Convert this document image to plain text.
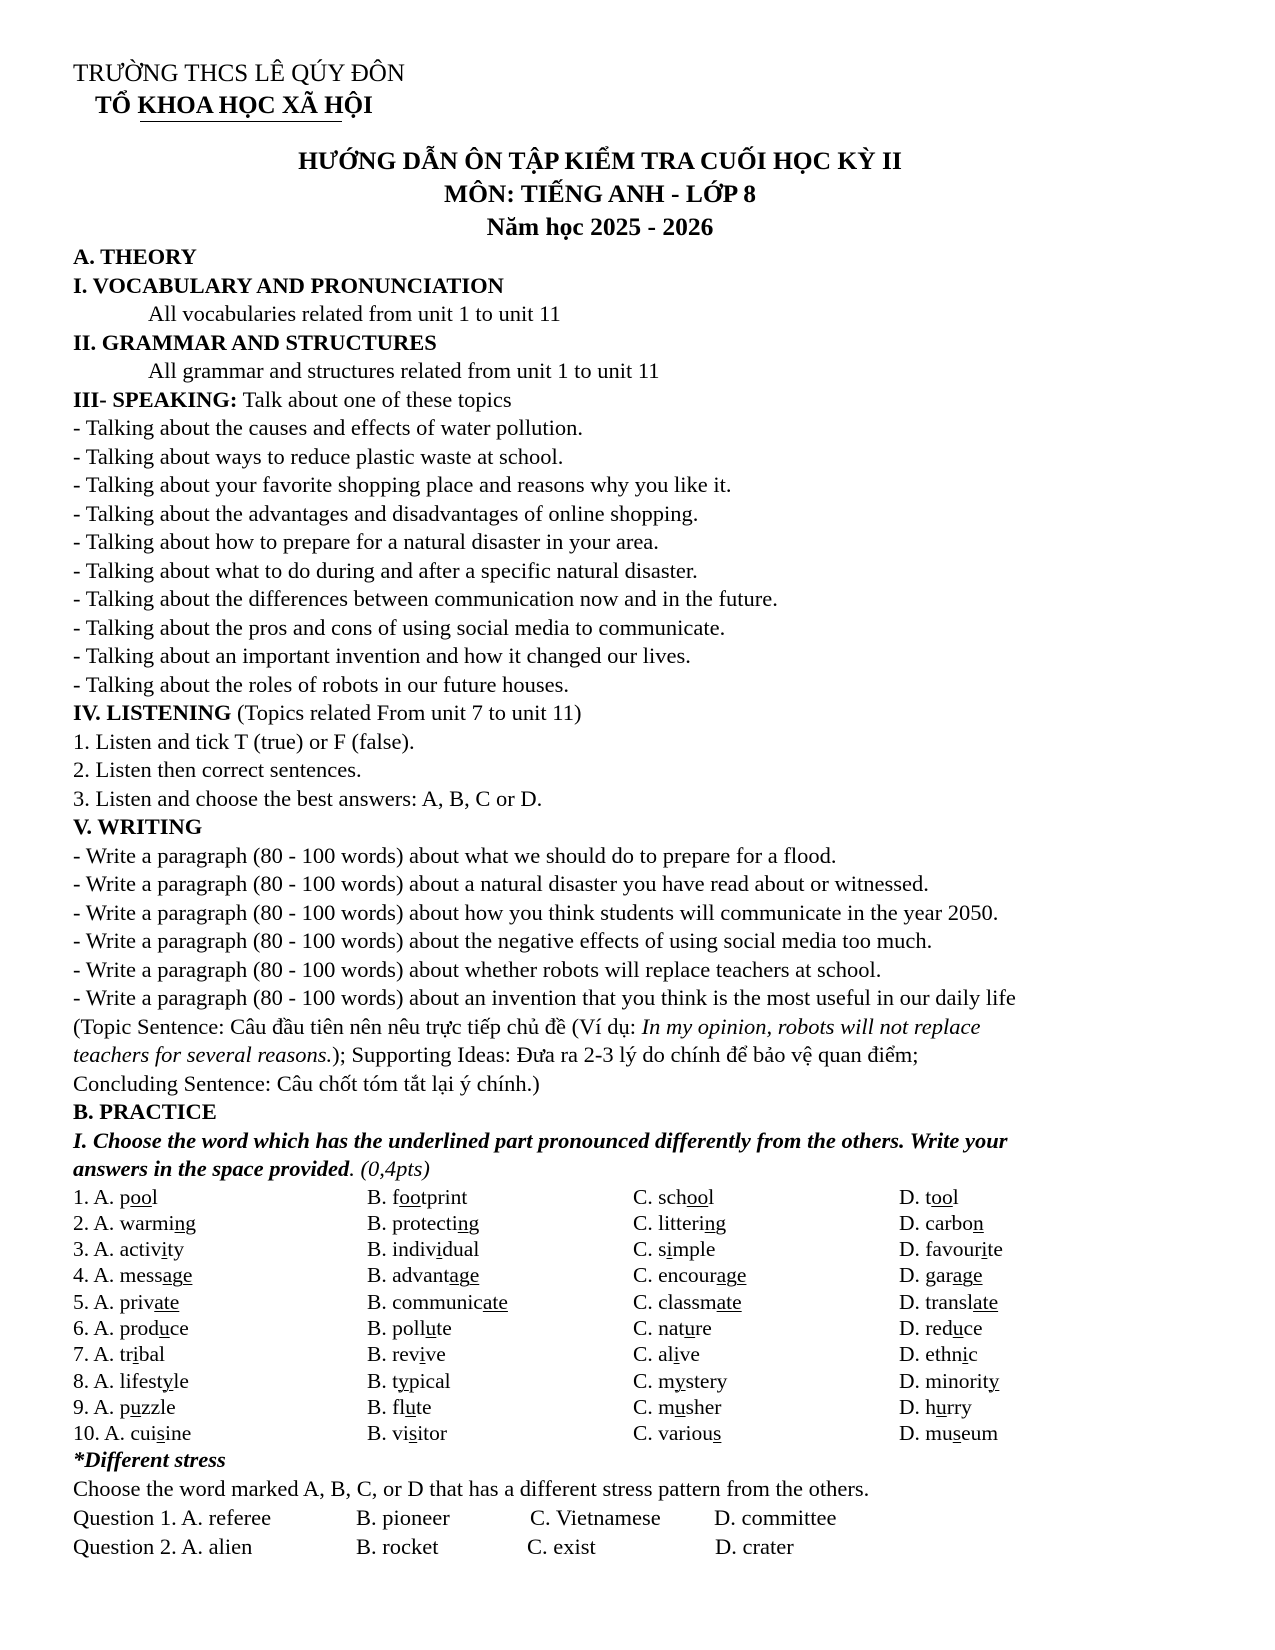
TRƯỜNG THCS LÊ QÚY ĐÔN
TỔ KHOA HỌC XÃ HỘI
HƯỚNG DẪN ÔN TẬP KIỂM TRA CUỐI HỌC KỲ II
MÔN: TIẾNG ANH - LỚP 8
Năm học 2025 - 2026
A. THEORY
I. VOCABULARY AND PRONUNCIATION
All vocabularies related from unit 1 to unit 11
II. GRAMMAR AND STRUCTURES
All grammar and structures related from unit 1 to unit 11
III- SPEAKING: Talk about one of these topics
- Talking about the causes and effects of water pollution.
- Talking about ways to reduce plastic waste at school.
- Talking about your favorite shopping place and reasons why you like it.
- Talking about the advantages and disadvantages of online shopping.
- Talking about how to prepare for a natural disaster in your area.
- Talking about what to do during and after a specific natural disaster.
- Talking about the differences between communication now and in the future.
- Talking about the pros and cons of using social media to communicate.
- Talking about an important invention and how it changed our lives.
- Talking about the roles of robots in our future houses.
IV. LISTENING (Topics related From unit 7 to unit 11)
1. Listen and tick T (true) or F (false).
2. Listen then correct sentences.
3. Listen and choose the best answers: A, B, C or D.
V. WRITING
- Write a paragraph (80 - 100 words) about what we should do to prepare for a flood.
- Write a paragraph (80 - 100 words) about a natural disaster you have read about or witnessed.
- Write a paragraph (80 - 100 words) about how you think students will communicate in the year 2050.
- Write a paragraph (80 - 100 words) about the negative effects of using social media too much.
- Write a paragraph (80 - 100 words) about whether robots will replace teachers at school.
- Write a paragraph (80 - 100 words) about an invention that you think is the most useful in our daily life
(Topic Sentence: Câu đầu tiên nên nêu trực tiếp chủ đề (Ví dụ: In my opinion, robots will not replace
teachers for several reasons.); Supporting Ideas: Đưa ra 2-3 lý do chính để bảo vệ quan điểm;
Concluding Sentence: Câu chốt tóm tắt lại ý chính.)
B. PRACTICE
I. Choose the word which has the underlined part pronounced differently from the others. Write your
answers in the space provided. (0,4pts)
1. A. pool	B. footprint	C. school	D. tool
2. A. warming	B. protecting	C. littering	D. carbon
3. A. activity	B. individual	C. simple	D. favourite
4. A. message	B. advantage	C. encourage	D. garage
5. A. private	B. communicate	C. classmate	D. translate
6. A. produce	B. pollute	C. nature	D. reduce
7. A. tribal	B. revive	C. alive	D. ethnic
8. A. lifestyle	B. typical	C. mystery	D. minority
9. A. puzzle	B. flute	C. musher	D. hurry
10. A. cuisine	B. visitor	C. various	D. museum
*Different stress
Choose the word marked A, B, C, or D that has a different stress pattern from the others.
Question 1. A. referee	B. pioneer	C. Vietnamese	D. committee
Question 2. A. alien	B. rocket	C. exist	D. crater
